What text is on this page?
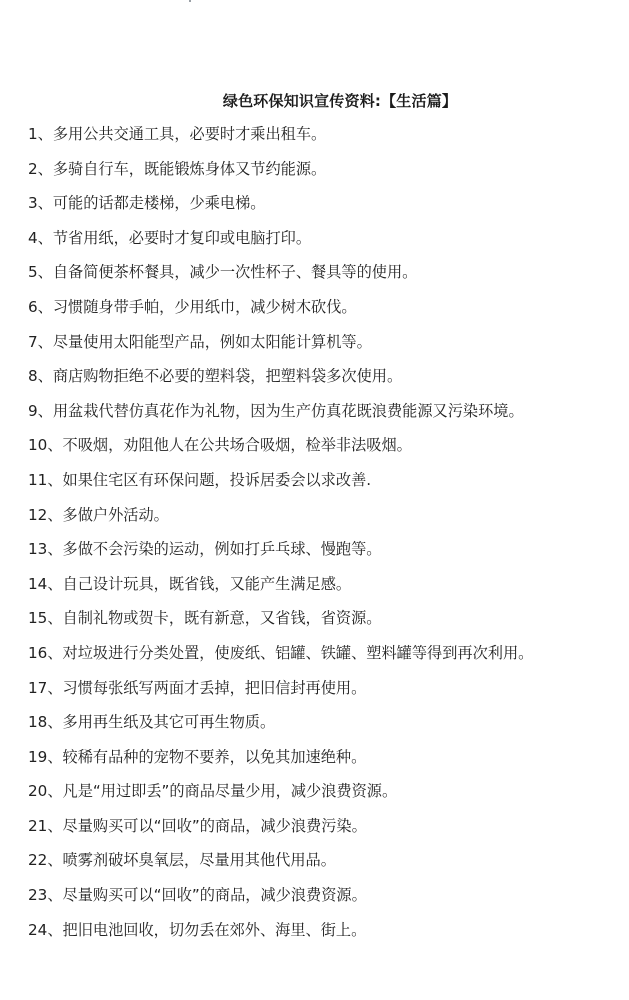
绿色环保知识宣传资料:【生活篇】
1、多用公共交通工具，必要时才乘出租车。
2、多骑自行车，既能锻炼身体又节约能源。
3、可能的话都走楼梯，少乘电梯。
4、节省用纸，必要时才复印或电脑打印。
5、自备简便茶杯餐具，减少一次性杯子、餐具等的使用。
6、习惯随身带手帕，少用纸巾，减少树木砍伐。
7、尽量使用太阳能型产品，例如太阳能计算机等。
8、商店购物拒绝不必要的塑料袋，把塑料袋多次使用。
9、用盆栽代替仿真花作为礼物，因为生产仿真花既浪费能源又污染环境。
10、不吸烟，劝阻他人在公共场合吸烟，检举非法吸烟。
11、如果住宅区有环保问题，投诉居委会以求改善.
12、多做户外活动。
13、多做不会污染的运动，例如打乒乓球、慢跑等。
14、自己设计玩具，既省钱，又能产生满足感。
15、自制礼物或贺卡，既有新意，又省钱，省资源。
16、对垃圾进行分类处置，使废纸、铝罐、铁罐、塑料罐等得到再次利用。
17、习惯每张纸写两面才丢掉，把旧信封再使用。
18、多用再生纸及其它可再生物质。
19、较稀有品种的宠物不要养，以免其加速绝种。
20、凡是“用过即丢”的商品尽量少用，减少浪费资源。
21、尽量购买可以“回收”的商品，减少浪费污染。
22、喷雾剂破坏臭氧层，尽量用其他代用品。
23、尽量购买可以“回收”的商品，减少浪费资源。
24、把旧电池回收，切勿丢在郊外、海里、街上。
